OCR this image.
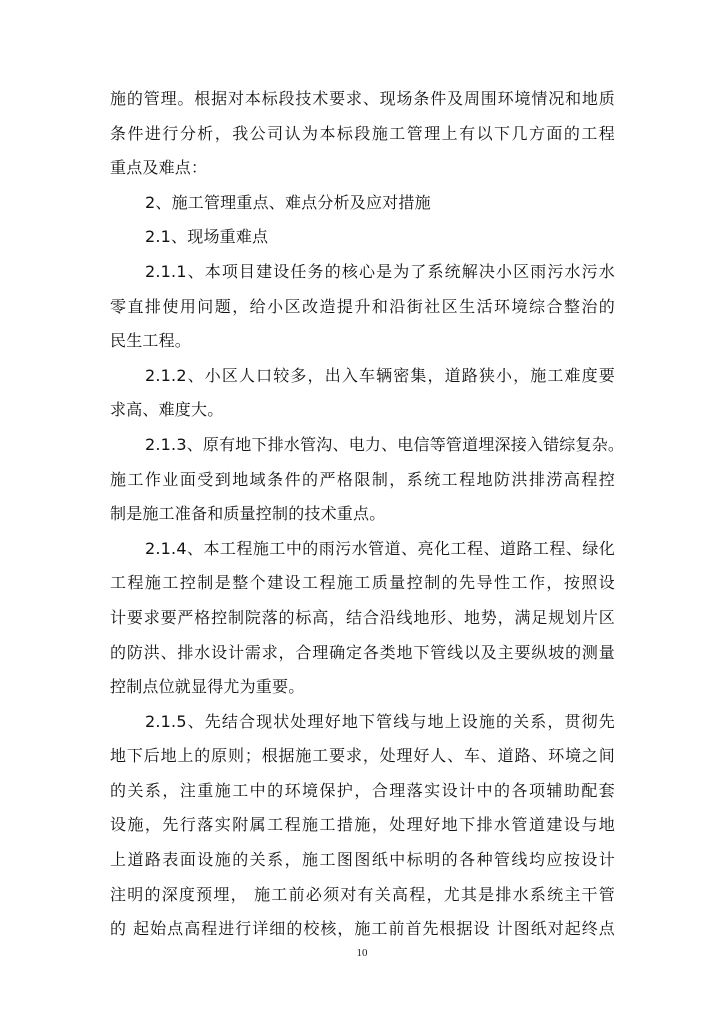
施的管理。根据对本标段技术要求、现场条件及周围环境情况和地质
条件进行分析，我公司认为本标段施工管理上有以下几方面的工程
重点及难点：
2、施工管理重点、难点分析及应对措施
2.1、现场重难点
2.1.1、本项目建设任务的核心是为了系统解决小区雨污水污水
零直排使用问题，给小区改造提升和沿街社区生活环境综合整治的
民生工程。
2.1.2、小区人口较多，出入车辆密集，道路狭小，施工难度要
求高、难度大。
2.1.3、原有地下排水管沟、电力、电信等管道埋深接入错综复杂。
施工作业面受到地域条件的严格限制，系统工程地防洪排涝高程控
制是施工准备和质量控制的技术重点。
2.1.4、本工程施工中的雨污水管道、亮化工程、道路工程、绿化
工程施工控制是整个建设工程施工质量控制的先导性工作，按照设
计要求要严格控制院落的标高，结合沿线地形、地势，满足规划片区
的防洪、排水设计需求，合理确定各类地下管线以及主要纵坡的测量
控制点位就显得尤为重要。
2.1.5、先结合现状处理好地下管线与地上设施的关系，贯彻先
地下后地上的原则；根据施工要求，处理好人、车、道路、环境之间
的关系，注重施工中的环境保护，合理落实设计中的各项辅助配套
设施，先行落实附属工程施工措施，处理好地下排水管道建设与地
上道路表面设施的关系，施工图图纸中标明的各种管线均应按设计
注明的深度预埋， 施工前必须对有关高程，尤其是排水系统主干管
的 起始点高程进行详细的校核，施工前首先根据设 计图纸对起终点
10
